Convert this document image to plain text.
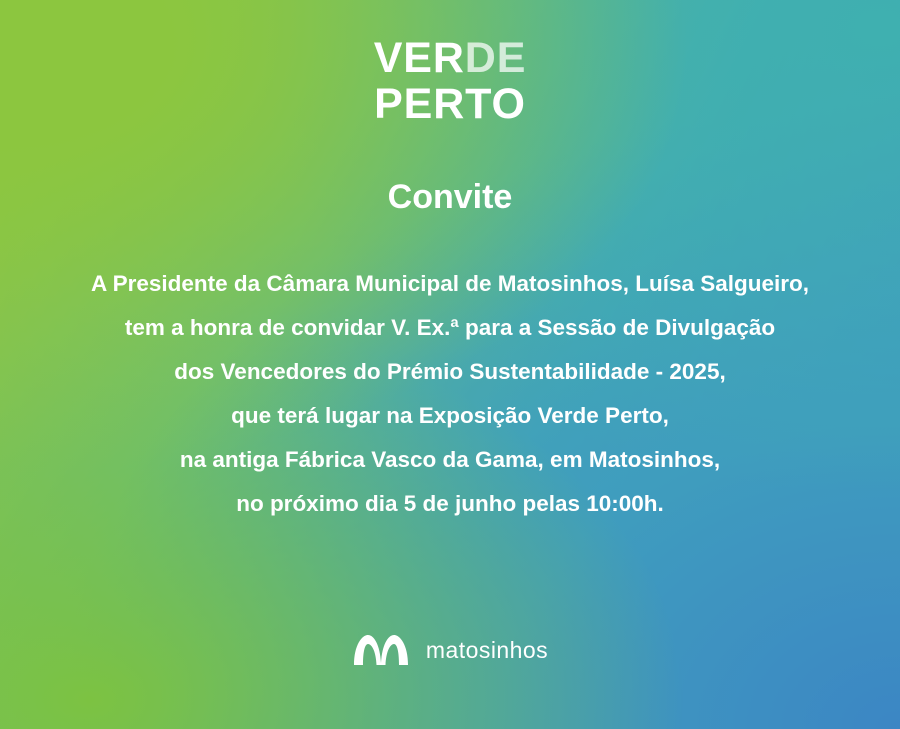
VERDE
PERTO
Convite
A Presidente da Câmara Municipal de Matosinhos, Luísa Salgueiro,
tem a honra de convidar V. Ex.ª para a Sessão de Divulgação
dos Vencedores do Prémio Sustentabilidade - 2025,
que terá lugar na Exposição Verde Perto,
na antiga Fábrica Vasco da Gama, em Matosinhos,
no próximo dia 5 de junho pelas 10:00h.
matosinhos
